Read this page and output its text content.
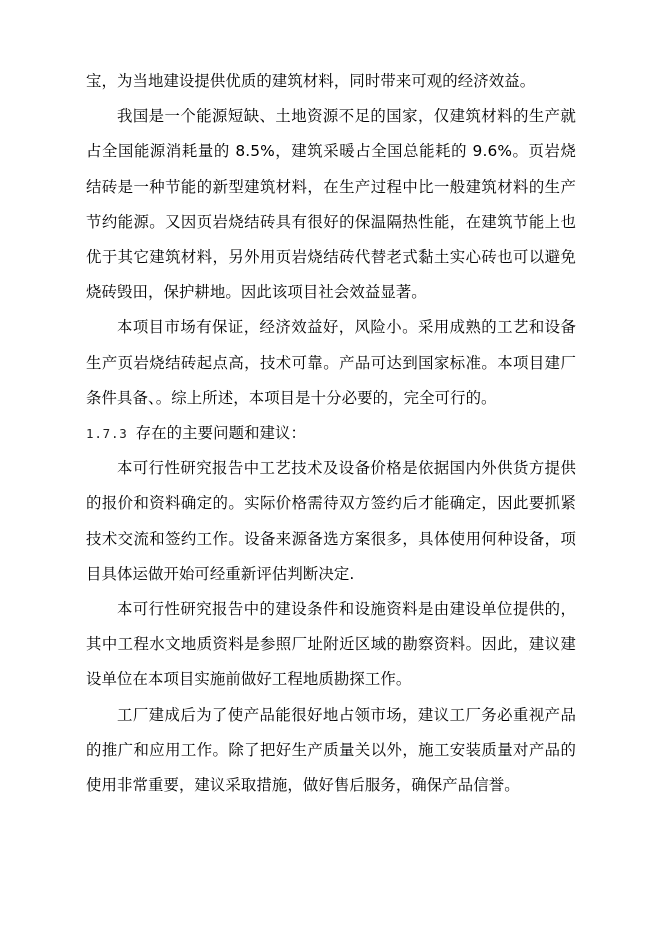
宝，为当地建设提供优质的建筑材料，同时带来可观的经济效益。

我国是一个能源短缺、土地资源不足的国家，仅建筑材料的生产就占全国能源消耗量的 8.5%，建筑采暖占全国总能耗的 9.6%。页岩烧结砖是一种节能的新型建筑材料，在生产过程中比一般建筑材料的生产节约能源。又因页岩烧结砖具有很好的保温隔热性能，在建筑节能上也优于其它建筑材料，另外用页岩烧结砖代替老式黏土实心砖也可以避免烧砖毁田，保护耕地。因此该项目社会效益显著。

本项目市场有保证，经济效益好，风险小。采用成熟的工艺和设备生产页岩烧结砖起点高，技术可靠。产品可达到国家标准。本项目建厂条件具备、。综上所述，本项目是十分必要的，完全可行的。

1.7.3 存在的主要问题和建议：

本可行性研究报告中工艺技术及设备价格是依据国内外供货方提供的报价和资料确定的。实际价格需待双方签约后才能确定，因此要抓紧技术交流和签约工作。设备来源备选方案很多，具体使用何种设备，项目具体运做开始可经重新评估判断决定.

本可行性研究报告中的建设条件和设施资料是由建设单位提供的，其中工程水文地质资料是参照厂址附近区域的勘察资料。因此，建议建设单位在本项目实施前做好工程地质勘探工作。

工厂建成后为了使产品能很好地占领市场，建议工厂务必重视产品的推广和应用工作。除了把好生产质量关以外，施工安装质量对产品的使用非常重要，建议采取措施，做好售后服务，确保产品信誉。
